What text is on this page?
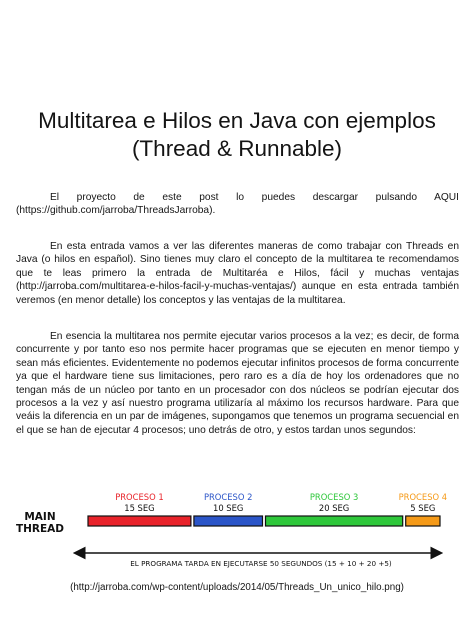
Multitarea e Hilos en Java con ejemplos
(Thread & Runnable)

El proyecto de este post lo puedes descargar pulsando AQUI (https://github.com/jarroba/ThreadsJarroba).

En esta entrada vamos a ver las diferentes maneras de como trabajar con Threads en Java (o hilos en español). Sino tienes muy claro el concepto de la multitarea te recomendamos que te leas primero la entrada de Multitaréa e Hilos, fácil y muchas ventajas (http://jarroba.com/multitarea-e-hilos-facil-y-muchas-ventajas/) aunque en esta entrada también veremos (en menor detalle) los conceptos y las ventajas de la multitarea.

En esencia la multitarea nos permite ejecutar varios procesos a la vez; es decir, de forma concurrente y por tanto eso nos permite hacer programas que se ejecuten en menor tiempo y sean más eficientes. Evidentemente no podemos ejecutar infinitos procesos de forma concurrente ya que el hardware tiene sus limitaciones, pero raro es a día de hoy los ordenadores que no tengan más de un núcleo por tanto en un procesador con dos núcleos se podrían ejecutar dos procesos a la vez y así nuestro programa utilizaría al máximo los recursos hardware. Para que veáis la diferencia en un par de imágenes, supongamos que tenemos un programa secuencial en el que se han de ejecutar 4 procesos; uno detrás de otro, y estos tardan unos segundos:

MAIN
THREAD
PROCESO 1
15 SEG
PROCESO 2
10 SEG
PROCESO 3
20 SEG
PROCESO 4
5 SEG
EL PROGRAMA TARDA EN EJECUTARSE 50 SEGUNDOS (15 + 10 + 20 +5)

(http://jarroba.com/wp-content/uploads/2014/05/Threads_Un_unico_hilo.png)
